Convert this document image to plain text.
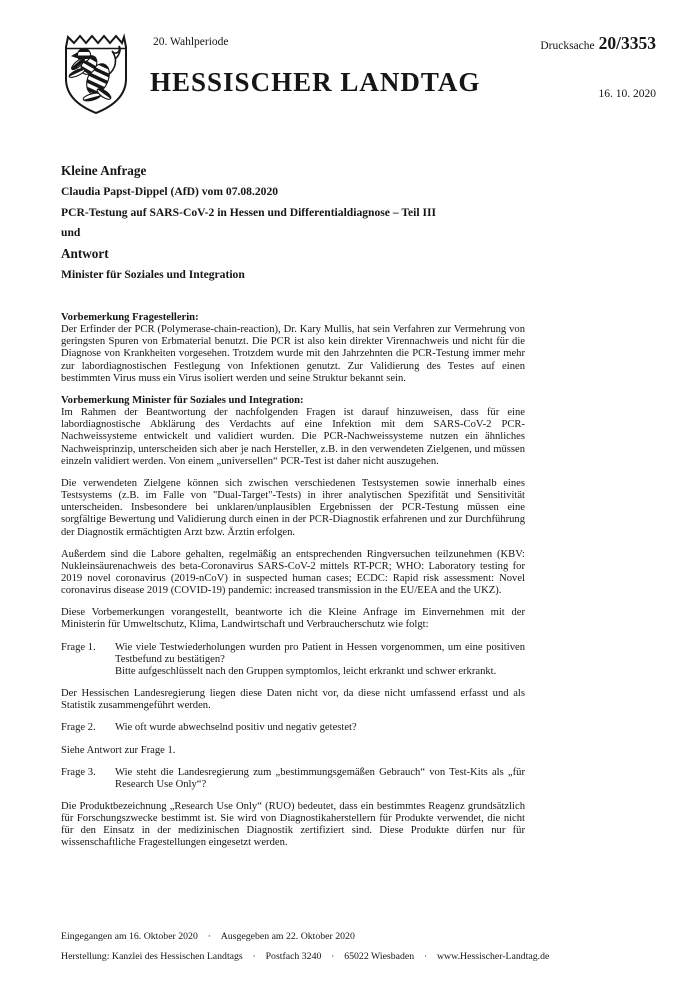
20. Wahlperiode
HESSISCHER LANDTAG
Drucksache 20/3353
16. 10. 2020
Kleine Anfrage
Claudia Papst-Dippel (AfD) vom 07.08.2020
PCR-Testung auf SARS-CoV-2 in Hessen und Differentialdiagnose – Teil III
und
Antwort
Minister für Soziales und Integration

Vorbemerkung Fragestellerin:
Der Erfinder der PCR (Polymerase-chain-reaction), Dr. Kary Mullis, hat sein Verfahren zur Vermehrung von geringsten Spuren von Erbmaterial benutzt. Die PCR ist also kein direkter Virennachweis und nicht für die Diagnose von Krankheiten vorgesehen. Trotzdem wurde mit den Jahrzehnten die PCR-Testung immer mehr zur labordiagnostischen Festlegung von Infektionen genutzt. Zur Validierung des Testes auf einen bestimmten Virus muss ein Virus isoliert werden und seine Struktur bekannt sein.

Vorbemerkung Minister für Soziales und Integration:
Im Rahmen der Beantwortung der nachfolgenden Fragen ist darauf hinzuweisen, dass für eine labordiagnostische Abklärung des Verdachts auf eine Infektion mit dem SARS-CoV-2 PCR-Nachweissysteme entwickelt und validiert wurden. Die PCR-Nachweissysteme nutzen ein ähnliches Nachweisprinzip, unterscheiden sich aber je nach Hersteller, z.B. in den verwendeten Zielgenen, und müssen einzeln validiert werden. Von einem „universellen“ PCR-Test ist daher nicht auszugehen.

Die verwendeten Zielgene können sich zwischen verschiedenen Testsystemen sowie innerhalb eines Testsystems (z.B. im Falle von "Dual-Target"-Tests) in ihrer analytischen Spezifität und Sensitivität unterscheiden. Insbesondere bei unklaren/unplausiblen Ergebnissen der PCR-Testung müssen eine sorgfältige Bewertung und Validierung durch einen in der PCR-Diagnostik erfahrenen und zur Durchführung der Diagnostik ermächtigten Arzt bzw. Ärztin erfolgen.

Außerdem sind die Labore gehalten, regelmäßig an entsprechenden Ringversuchen teilzunehmen (KBV: Nukleinsäurenachweis des beta-Coronavirus SARS-CoV-2 mittels RT-PCR; WHO: Laboratory testing for 2019 novel coronavirus (2019-nCoV) in suspected human cases; ECDC: Rapid risk assessment: Novel coronavirus disease 2019 (COVID-19) pandemic: increased transmission in the EU/EEA and the UKZ).

Diese Vorbemerkungen vorangestellt, beantworte ich die Kleine Anfrage im Einvernehmen mit der Ministerin für Umweltschutz, Klima, Landwirtschaft und Verbraucherschutz wie folgt:

Frage 1.	Wie viele Testwiederholungen wurden pro Patient in Hessen vorgenommen, um eine positiven Testbefund zu bestätigen?
Bitte aufgeschlüsselt nach den Gruppen symptomlos, leicht erkrankt und schwer erkrankt.

Der Hessischen Landesregierung liegen diese Daten nicht vor, da diese nicht umfassend erfasst und als Statistik zusammengeführt werden.

Frage 2.	Wie oft wurde abwechselnd positiv und negativ getestet?

Siehe Antwort zur Frage 1.

Frage 3.	Wie steht die Landesregierung zum „bestimmungsgemäßen Gebrauch“ von Test-Kits als „für Research Use Only“?

Die Produktbezeichnung „Research Use Only“ (RUO) bedeutet, dass ein bestimmtes Reagenz grundsätzlich für Forschungszwecke bestimmt ist. Sie wird von Diagnostikaherstellern für Produkte verwendet, die nicht für den Einsatz in der medizinischen Diagnostik zertifiziert sind. Diese Produkte dürfen nur für wissenschaftliche Fragestellungen eingesetzt werden.

Eingegangen am 16. Oktober 2020 · Ausgegeben am 22. Oktober 2020
Herstellung: Kanzlei des Hessischen Landtags · Postfach 3240 · 65022 Wiesbaden · www.Hessischer-Landtag.de
